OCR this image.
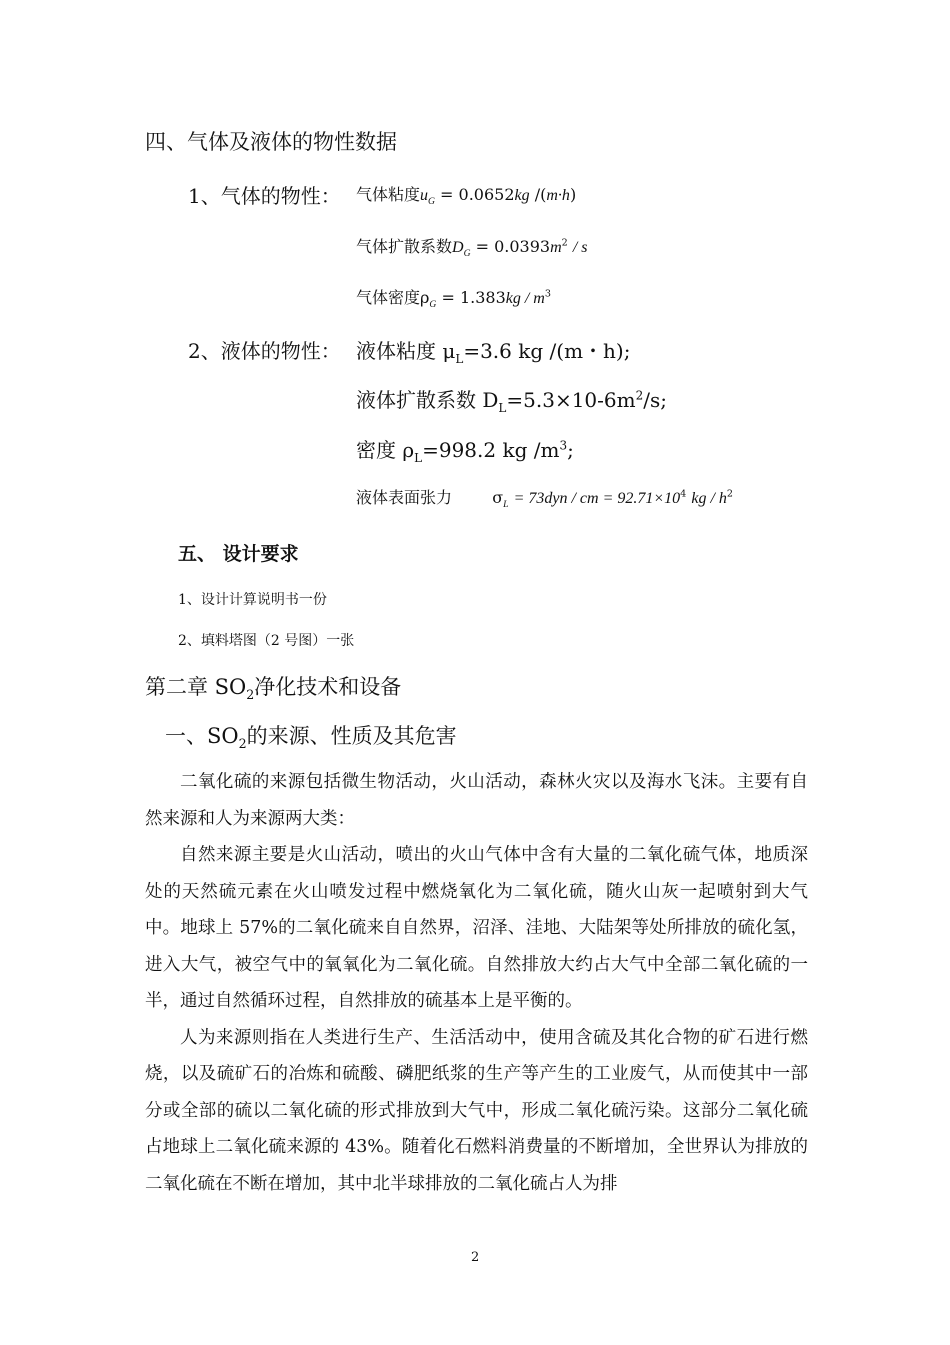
四、气体及液体的物性数据
1、气体的物性： 气体粘度$u_G = 0.0652kg$ /(m·h)
气体扩散系数$D_G = 0.0393m^2 / s$
气体密度$\rho_G = 1.383kg / m^3$
2、液体的物性： 液体粘度 $\mu_L=3.6$ kg /(m・h);
液体扩散系数 $D_L=5.3\times 10-6m^2/s$;
密度 $\rho_L=998.2$ kg $/m^3$;
液体表面张力	$\sigma_L = 73dyn$ / cm = $92.71\times 10^4$ kg / $h^2$
五、 设计要求
1、设计计算说明书一份
2、填料塔图（2 号图）一张
第二章 $SO_2$净化技术和设备
一、$SO_2$的来源、性质及其危害

二氧化硫的来源包括微生物活动，火山活动，森林火灾以及海水飞沫。主要有自然来源和人为来源两大类：

自然来源主要是火山活动，喷出的火山气体中含有大量的二氧化硫气体，地质深处的天然硫元素在火山喷发过程中燃烧氧化为二氧化硫，随火山灰一起喷射到大气中。地球上 57%的二氧化硫来自自然界，沼泽、洼地、大陆架等处所排放的硫化氢，进入大气，被空气中的氧氧化为二氧化硫。自然排放大约占大气中全部二氧化硫的一半，通过自然循环过程，自然排放的硫基本上是平衡的。

人为来源则指在人类进行生产、生活活动中，使用含硫及其化合物的矿石进行燃烧，以及硫矿石的冶炼和硫酸、磷肥纸浆的生产等产生的工业废气，从而使其中一部分或全部的硫以二氧化硫的形式排放到大气中，形成二氧化硫污染。这部分二氧化硫占地球上二氧化硫来源的 43%。随着化石燃料消费量的不断增加，全世界认为排放的二氧化硫在不断在增加，其中北半球排放的二氧化硫占人为排

2
